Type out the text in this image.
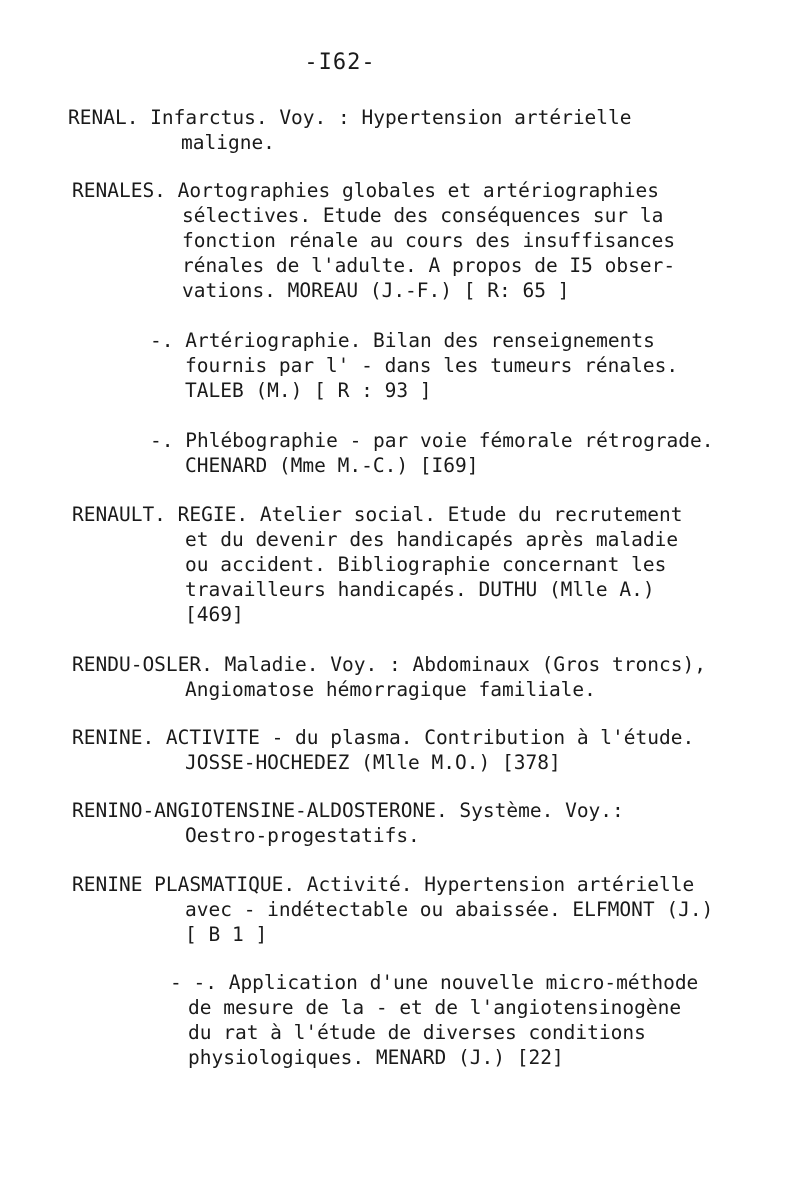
-I62-
RENAL. Infarctus. Voy. : Hypertension artérielle
maligne.
RENALES. Aortographies globales et artériographies
sélectives. Etude des conséquences sur la
fonction rénale au cours des insuffisances
rénales de l'adulte. A propos de I5 obser-
vations. MOREAU (J.-F.) [ R: 65 ]
-. Artériographie. Bilan des renseignements
fournis par l' - dans les tumeurs rénales.
TALEB (M.) [ R : 93 ]
-. Phlébographie - par voie fémorale rétrograde.
CHENARD (Mme M.-C.) [I69]
RENAULT. REGIE. Atelier social. Etude du recrutement
et du devenir des handicapés après maladie
ou accident. Bibliographie concernant les
travailleurs handicapés. DUTHU (Mlle A.)
[469]
RENDU-OSLER. Maladie. Voy. : Abdominaux (Gros troncs),
Angiomatose hémorragique familiale.
RENINE. ACTIVITE - du plasma. Contribution à l'étude.
JOSSE-HOCHEDEZ (Mlle M.O.) [378]
RENINO-ANGIOTENSINE-ALDOSTERONE. Système. Voy.:
Oestro-progestatifs.
RENINE PLASMATIQUE. Activité. Hypertension artérielle
avec - indétectable ou abaissée. ELFMONT (J.)
[ B 1 ]
- -. Application d'une nouvelle micro-méthode
de mesure de la - et de l'angiotensinogène
du rat à l'étude de diverses conditions
physiologiques. MENARD (J.) [22]
